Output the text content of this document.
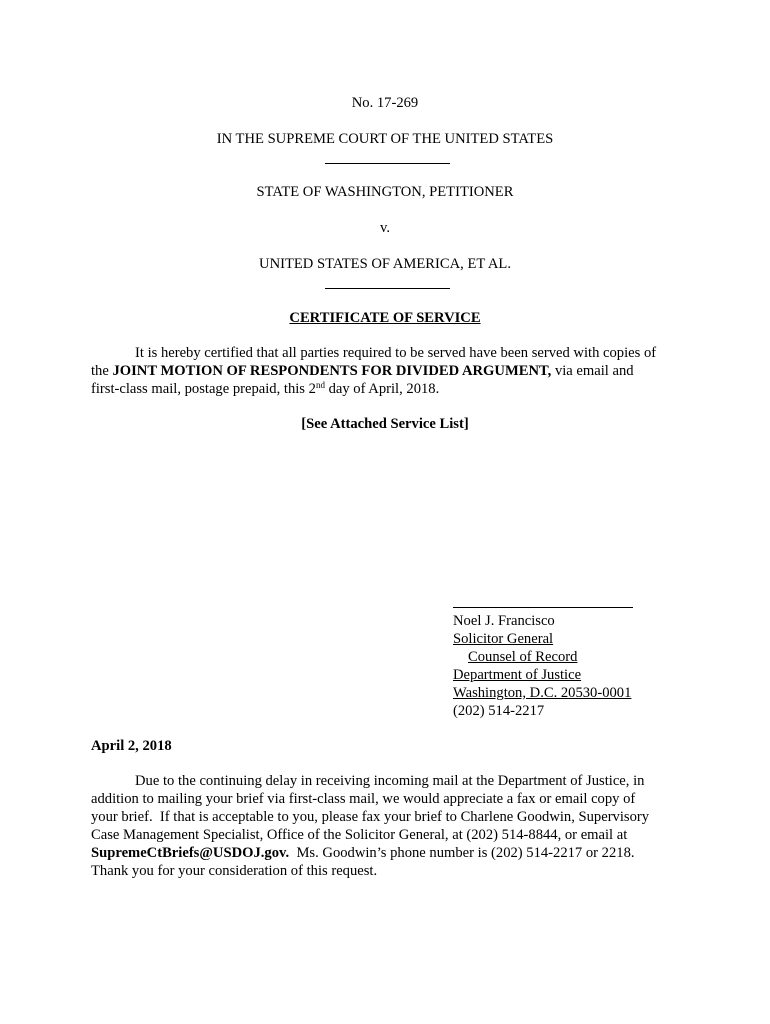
No. 17-269

IN THE SUPREME COURT OF THE UNITED STATES

STATE OF WASHINGTON, PETITIONER

v.

UNITED STATES OF AMERICA, ET AL.

CERTIFICATE OF SERVICE

It is hereby certified that all parties required to be served have been served with copies of
the JOINT MOTION OF RESPONDENTS FOR DIVIDED ARGUMENT, via email and
first-class mail, postage prepaid, this 2nd day of April, 2018.

[See Attached Service List]

Noel J. Francisco
Solicitor General
Counsel of Record
Department of Justice
Washington, D.C. 20530-0001
(202) 514-2217

April 2, 2018

Due to the continuing delay in receiving incoming mail at the Department of Justice, in
addition to mailing your brief via first-class mail, we would appreciate a fax or email copy of
your brief.  If that is acceptable to you, please fax your brief to Charlene Goodwin, Supervisory
Case Management Specialist, Office of the Solicitor General, at (202) 514-8844, or email at
SupremeCtBriefs@USDOJ.gov.  Ms. Goodwin’s phone number is (202) 514-2217 or 2218.
Thank you for your consideration of this request.
